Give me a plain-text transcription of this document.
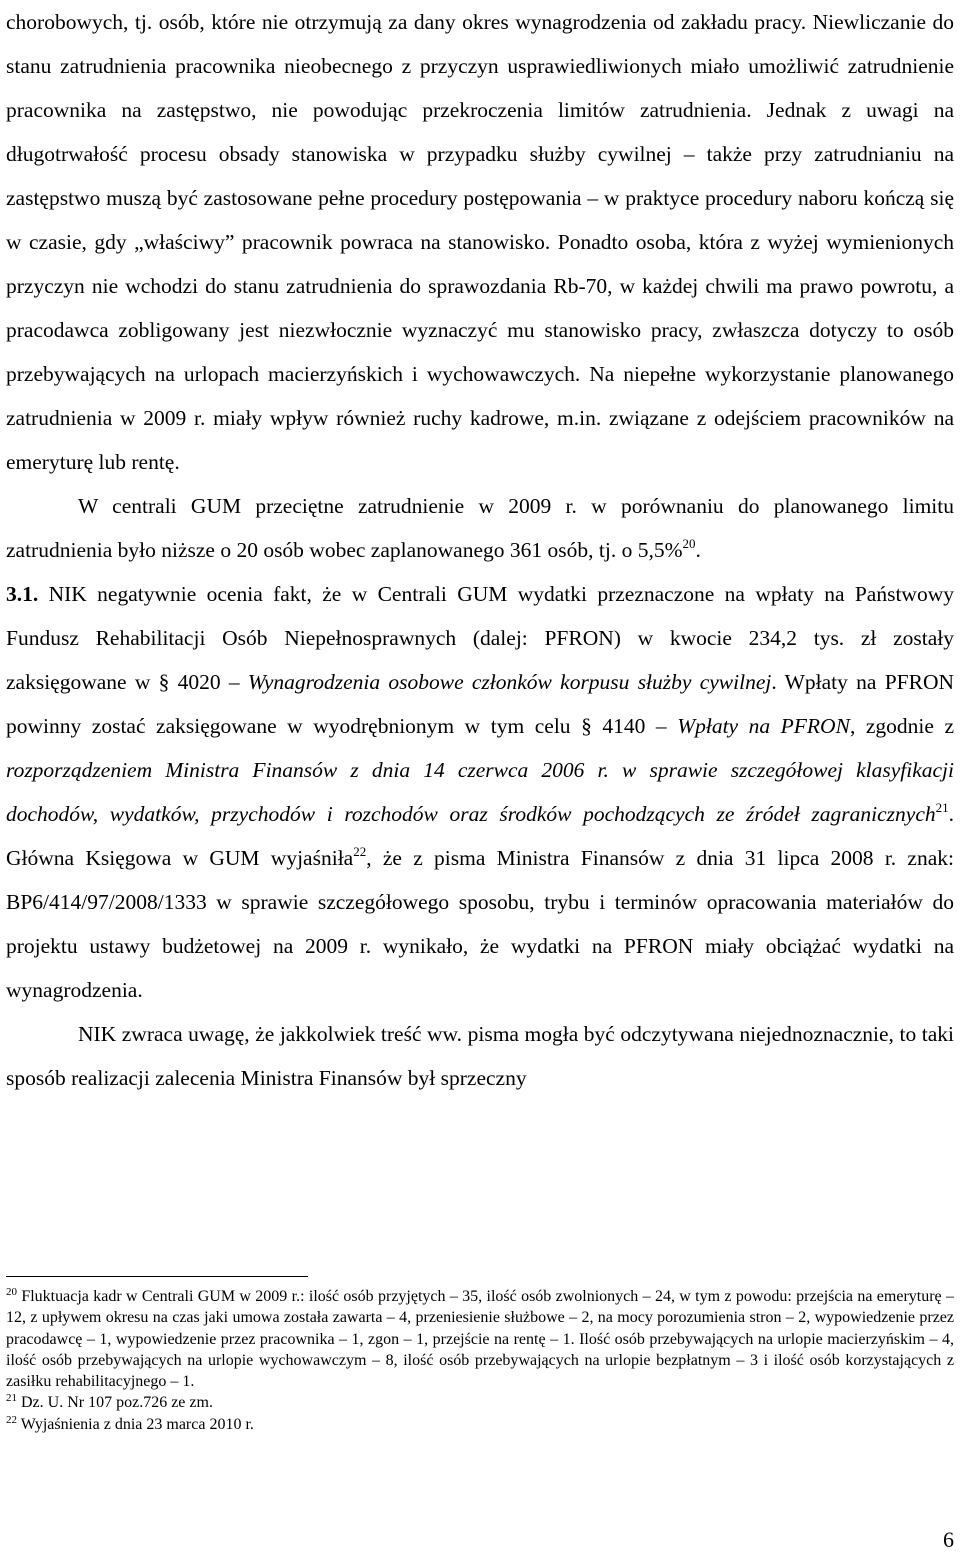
chorobowych, tj. osób, które nie otrzymują za dany okres wynagrodzenia od zakładu pracy. Niewliczanie do stanu zatrudnienia pracownika nieobecnego z przyczyn usprawiedliwionych miało umożliwić zatrudnienie pracownika na zastępstwo, nie powodując przekroczenia limitów zatrudnienia. Jednak z uwagi na długotrwałość procesu obsady stanowiska w przypadku służby cywilnej – także przy zatrudnianiu na zastępstwo muszą być zastosowane pełne procedury postępowania – w praktyce procedury naboru kończą się w czasie, gdy „właściwy” pracownik powraca na stanowisko. Ponadto osoba, która z wyżej wymienionych przyczyn nie wchodzi do stanu zatrudnienia do sprawozdania Rb-70, w każdej chwili ma prawo powrotu, a pracodawca zobligowany jest niezwłocznie wyznaczyć mu stanowisko pracy, zwłaszcza dotyczy to osób przebywających na urlopach macierzyńskich i wychowawczych. Na niepełne wykorzystanie planowanego zatrudnienia w 2009 r. miały wpływ również ruchy kadrowe, m.in. związane z odejściem pracowników na emeryturę lub rentę.

W centrali GUM przeciętne zatrudnienie w 2009 r. w porównaniu do planowanego limitu zatrudnienia było niższe o 20 osób wobec zaplanowanego 361 osób, tj. o 5,5%$^{20}$.

3.1. NIK negatywnie ocenia fakt, że w Centrali GUM wydatki przeznaczone na wpłaty na Państwowy Fundusz Rehabilitacji Osób Niepełnosprawnych (dalej: PFRON) w kwocie 234,2 tys. zł zostały zaksięgowane w § 4020 – Wynagrodzenia osobowe członków korpusu służby cywilnej. Wpłaty na PFRON powinny zostać zaksięgowane w wyodrębnionym w tym celu § 4140 – Wpłaty na PFRON, zgodnie z rozporządzeniem Ministra Finansów z dnia 14 czerwca 2006 r. w sprawie szczegółowej klasyfikacji dochodów, wydatków, przychodów i rozchodów oraz środków pochodzących ze źródeł zagranicznych$^{21}$. Główna Księgowa w GUM wyjaśniła$^{22}$, że z pisma Ministra Finansów z dnia 31 lipca 2008 r. znak: BP6/414/97/2008/1333 w sprawie szczegółowego sposobu, trybu i terminów opracowania materiałów do projektu ustawy budżetowej na 2009 r. wynikało, że wydatki na PFRON miały obciążać wydatki na wynagrodzenia.

NIK zwraca uwagę, że jakkolwiek treść ww. pisma mogła być odczytywana niejednoznacznie, to taki sposób realizacji zalecenia Ministra Finansów był sprzeczny

$^{20}$ Fluktuacja kadr w Centrali GUM w 2009 r.: ilość osób przyjętych – 35, ilość osób zwolnionych – 24, w tym z powodu: przejścia na emeryturę – 12, z upływem okresu na czas jaki umowa została zawarta – 4, przeniesienie służbowe – 2, na mocy porozumienia stron – 2, wypowiedzenie przez pracodawcę – 1, wypowiedzenie przez pracownika – 1, zgon – 1, przejście na rentę – 1. Ilość osób przebywających na urlopie macierzyńskim – 4, ilość osób przebywających na urlopie wychowawczym – 8, ilość osób przebywających na urlopie bezpłatnym – 3 i ilość osób korzystających z zasiłku rehabilitacyjnego – 1.

$^{21}$ Dz. U. Nr 107 poz.726 ze zm.

$^{22}$ Wyjaśnienia z dnia 23 marca 2010 r.

6
